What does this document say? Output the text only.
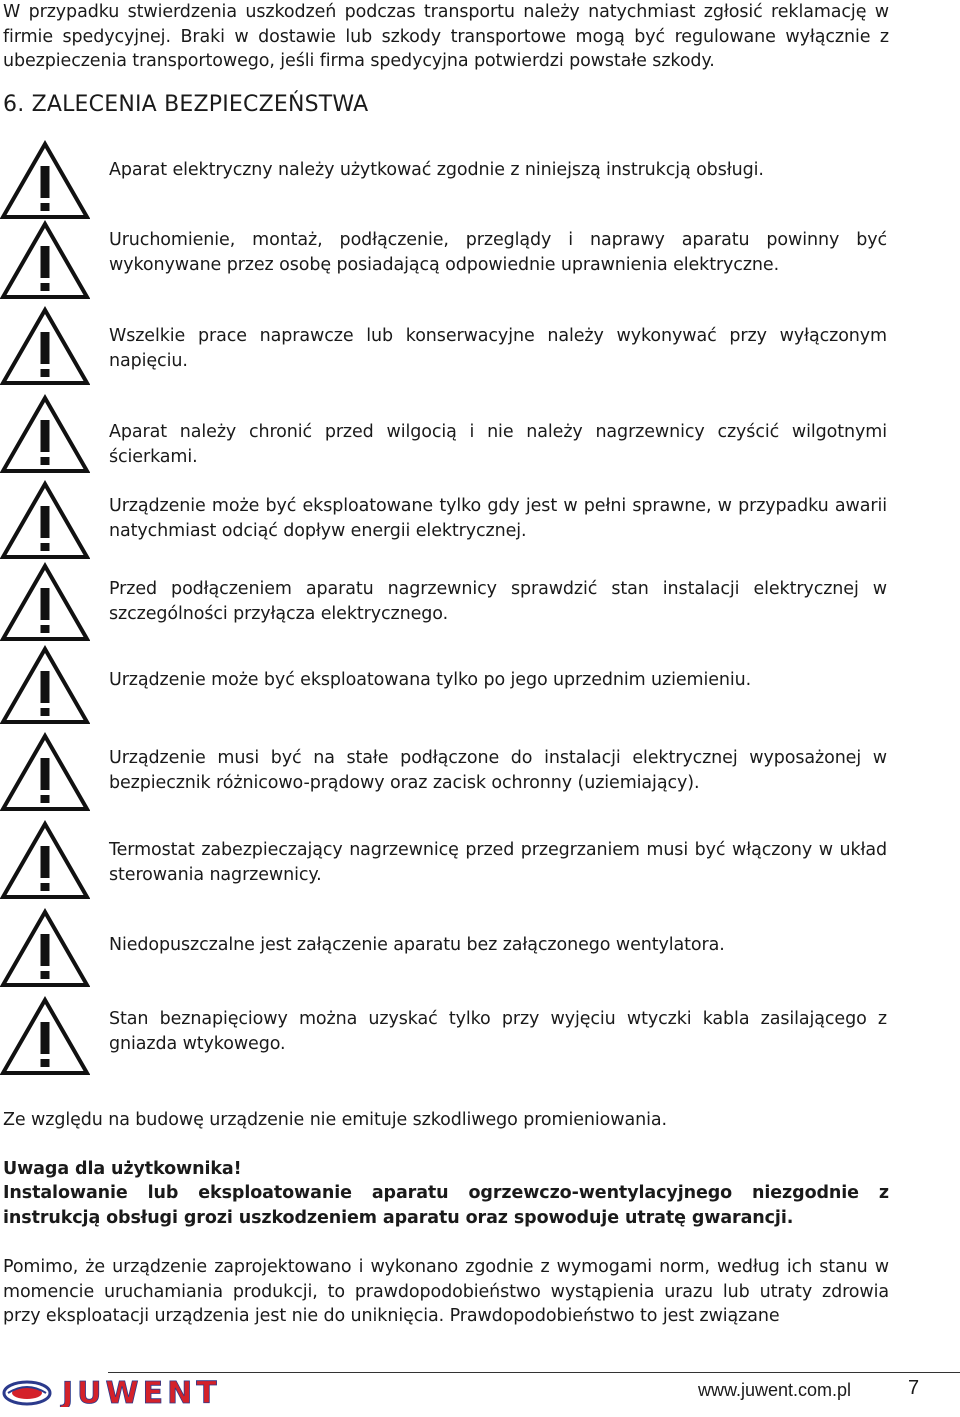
W przypadku stwierdzenia uszkodzeń podczas transportu należy natychmiast zgłosić reklamację w firmie spedycyjnej. Braki w dostawie lub szkody transportowe mogą być regulowane wyłącznie z ubezpieczenia transportowego, jeśli firma spedycyjna potwierdzi powstałe szkody.

6. ZALECENIA BEZPIECZEŃSTWA

Aparat elektryczny należy użytkować zgodnie z niniejszą instrukcją obsługi.

Uruchomienie, montaż, podłączenie, przeglądy i naprawy aparatu powinny być wykonywane przez osobę posiadającą odpowiednie uprawnienia elektryczne.

Wszelkie prace naprawcze lub konserwacyjne należy wykonywać przy wyłączonym napięciu.

Aparat należy chronić przed wilgocią i nie należy nagrzewnicy czyścić wilgotnymi ścierkami.

Urządzenie może być eksploatowane tylko gdy jest w pełni sprawne, w przypadku awarii natychmiast odciąć dopływ energii elektrycznej.

Przed podłączeniem aparatu nagrzewnicy sprawdzić stan instalacji elektrycznej w szczególności przyłącza elektrycznego.

Urządzenie może być eksploatowana tylko po jego uprzednim uziemieniu.

Urządzenie musi być na stałe podłączone do instalacji elektrycznej wyposażonej w bezpiecznik różnicowo-prądowy oraz zacisk ochronny (uziemiający).

Termostat zabezpieczający nagrzewnicę przed przegrzaniem musi być włączony w układ sterowania nagrzewnicy.

Niedopuszczalne jest załączenie aparatu bez załączonego wentylatora.

Stan beznapięciowy można uzyskać tylko przy wyjęciu wtyczki kabla zasilającego z gniazda wtykowego.

Ze względu na budowę urządzenie nie emituje szkodliwego promieniowania.

Uwaga dla użytkownika!

Instalowanie lub eksploatowanie aparatu ogrzewczo-wentylacyjnego niezgodnie z instrukcją obsługi grozi uszkodzeniem aparatu oraz spowoduje utratę gwarancji.

Pomimo, że urządzenie zaprojektowano i wykonano zgodnie z wymogami norm, według ich stanu w momencie uruchamiania produkcji, to prawdopodobieństwo wystąpienia urazu lub utraty zdrowia przy eksploatacji urządzenia jest nie do uniknięcia. Prawdopodobieństwo to jest związane

JUWENT	www.juwent.com.pl	7
